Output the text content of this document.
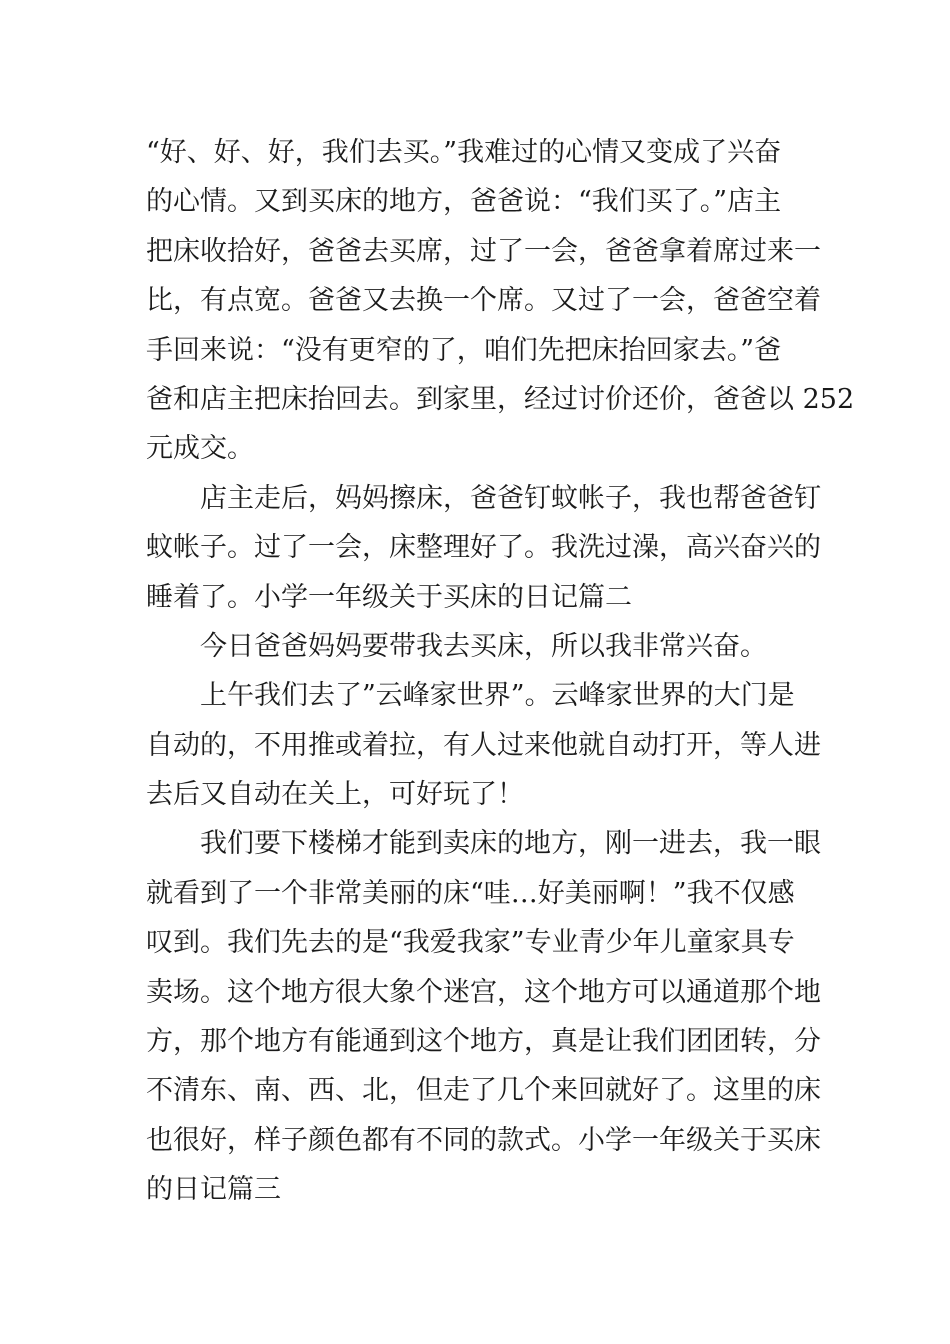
“好、好、好，我们去买。”我难过的心情又变成了兴奋
的心情。又到买床的地方，爸爸说：“我们买了。”店主
把床收拾好，爸爸去买席，过了一会，爸爸拿着席过来一
比，有点宽。爸爸又去换一个席。又过了一会，爸爸空着
手回来说：“没有更窄的了，咱们先把床抬回家去。”爸
爸和店主把床抬回去。到家里，经过讨价还价，爸爸以 252
元成交。
　　店主走后，妈妈擦床，爸爸钉蚊帐子，我也帮爸爸钉
蚊帐子。过了一会，床整理好了。我洗过澡，高兴奋兴的
睡着了。小学一年级关于买床的日记篇二
　　今日爸爸妈妈要带我去买床，所以我非常兴奋。
　　上午我们去了”云峰家世界”。云峰家世界的大门是
自动的，不用推或着拉，有人过来他就自动打开，等人进
去后又自动在关上，可好玩了！
　　我们要下楼梯才能到卖床的地方，刚一进去，我一眼
就看到了一个非常美丽的床“哇…好美丽啊！”我不仅感
叹到。我们先去的是“我爱我家”专业青少年儿童家具专
卖场。这个地方很大象个迷宫，这个地方可以通道那个地
方，那个地方有能通到这个地方，真是让我们团团转，分
不清东、南、西、北，但走了几个来回就好了。这里的床
也很好，样子颜色都有不同的款式。小学一年级关于买床
的日记篇三
